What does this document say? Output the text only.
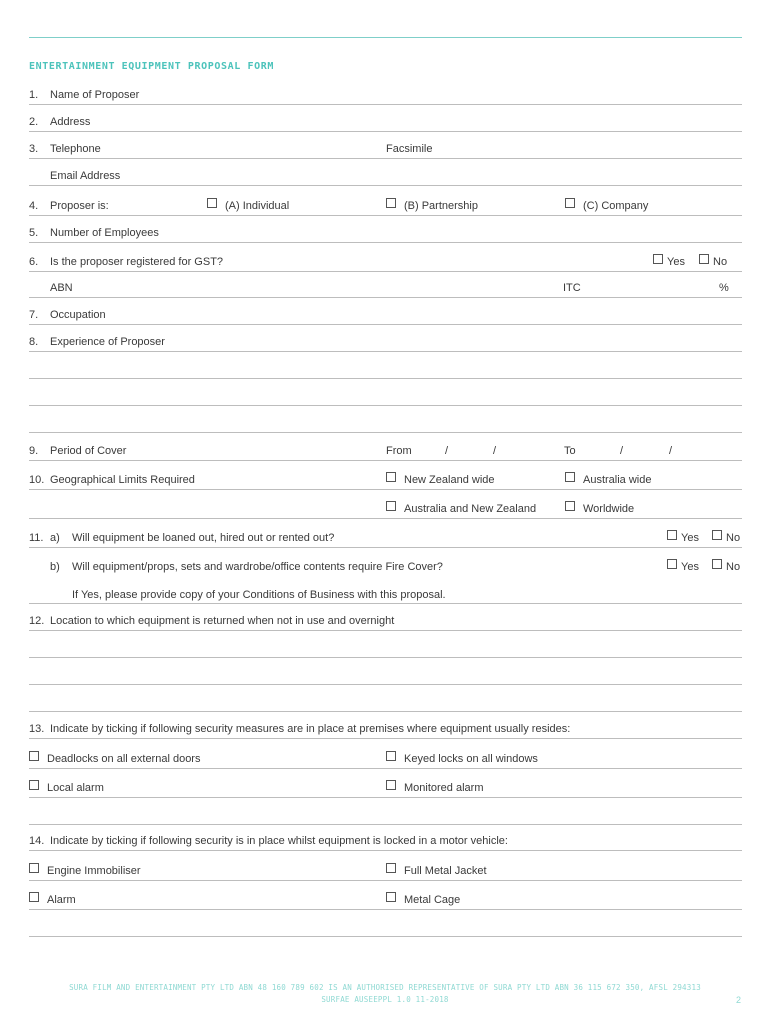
ENTERTAINMENT EQUIPMENT PROPOSAL FORM
1. Name of Proposer
2. Address
3. Telephone	Facsimile
Email Address
4. Proposer is:	(A) Individual	(B) Partnership	(C) Company
5. Number of Employees
6. Is the proposer registered for GST?	Yes	No
ABN	ITC	%
7. Occupation
8. Experience of Proposer
9. Period of Cover	From	/	/	To	/	/
10. Geographical Limits Required	New Zealand wide	Australia wide
Australia and New Zealand	Worldwide
11. a) Will equipment be loaned out, hired out or rented out?	Yes No
b) Will equipment/props, sets and wardrobe/office contents require Fire Cover?	Yes No
If Yes, please provide copy of your Conditions of Business with this proposal.
12. Location to which equipment is returned when not in use and overnight
13. Indicate by ticking if following security measures are in place at premises where equipment usually resides:
Deadlocks on all external doors	Keyed locks on all windows
Local alarm	Monitored alarm
14. Indicate by ticking if following security is in place whilst equipment is locked in a motor vehicle:
Engine Immobiliser	Full Metal Jacket
Alarm	Metal Cage
SURA FILM AND ENTERTAINMENT PTY LTD ABN 48 160 789 602 IS AN AUTHORISED REPRESENTATIVE OF SURA PTY LTD ABN 36 115 672 350, AFSL 294313
SURFAE AUSEEPPL 1.0 11-2018	2
